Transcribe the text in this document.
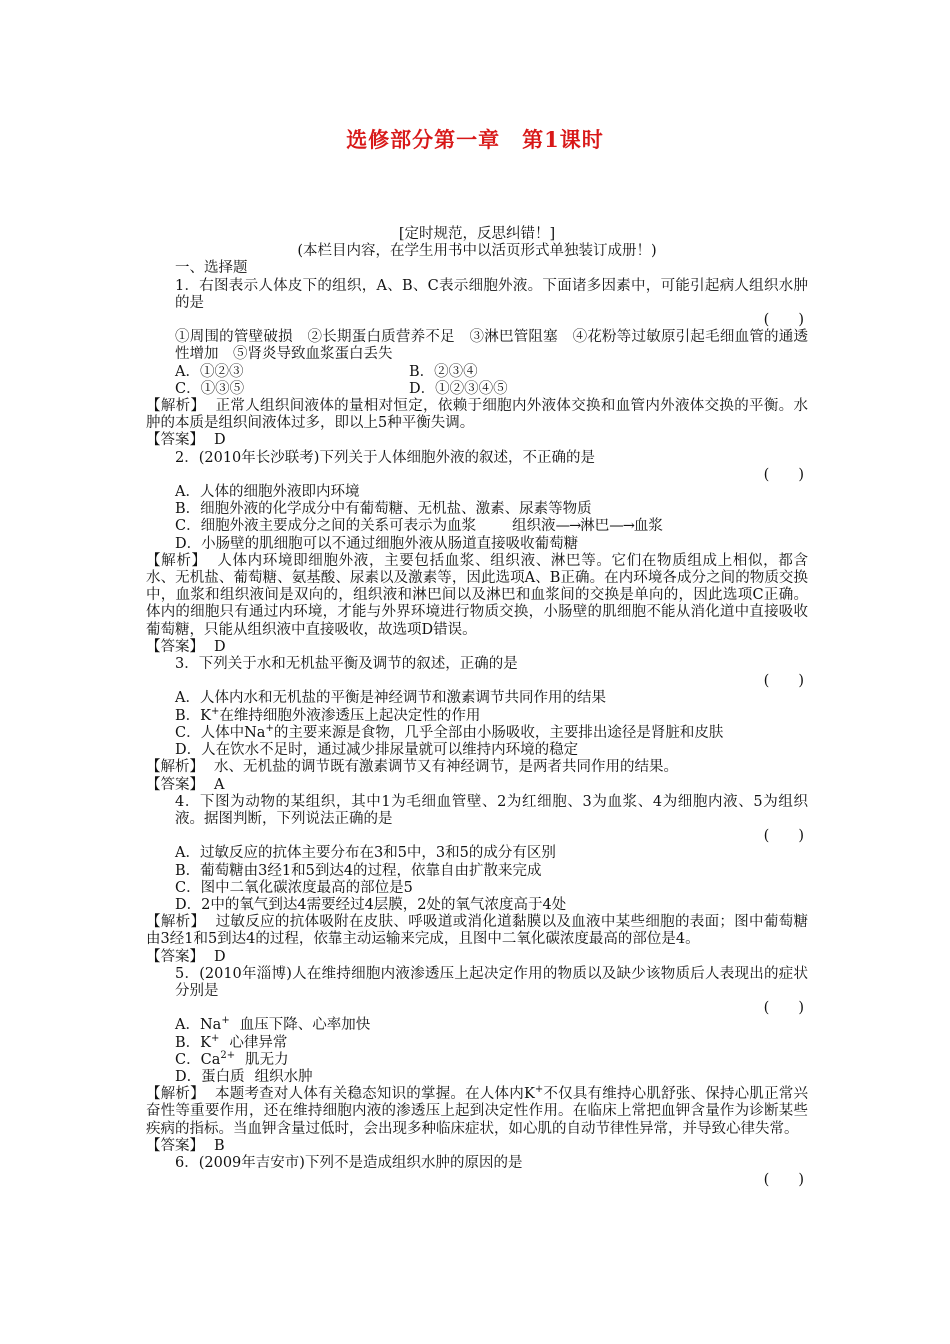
选修部分第一章　第1课时
[定时规范，反思纠错！]
(本栏目内容，在学生用书中以活页形式单独装订成册！)
一、选择题
1．右图表示人体皮下的组织，A、B、C表示细胞外液。下面诸多因素中，可能引起病人组织水肿的是
(　　)
①周围的管壁破损　②长期蛋白质营养不足　③淋巴管阻塞　④花粉等过敏原引起毛细血管的通透性增加　⑤肾炎导致血浆蛋白丢失
A．①②③	B．②③④
C．①③⑤	D．①②③④⑤
【解析】 正常人组织间液体的量相对恒定，依赖于细胞内外液体交换和血管内外液体交换的平衡。水肿的本质是组织间液体过多，即以上5种平衡失调。
【答案】 D
2．(2010年长沙联考)下列关于人体细胞外液的叙述，不正确的是
(　　)
A．人体的细胞外液即内环境
B．细胞外液的化学成分中有葡萄糖、无机盐、激素、尿素等物质
C．细胞外液主要成分之间的关系可表示为血浆 组织液—→淋巴—→血浆
D．小肠壁的肌细胞可以不通过细胞外液从肠道直接吸收葡萄糖
【解析】 人体内环境即细胞外液，主要包括血浆、组织液、淋巴等。它们在物质组成上相似，都含水、无机盐、葡萄糖、氨基酸、尿素以及激素等，因此选项A、B正确。在内环境各成分之间的物质交换中，血浆和组织液间是双向的，组织液和淋巴间以及淋巴和血浆间的交换是单向的，因此选项C正确。体内的细胞只有通过内环境，才能与外界环境进行物质交换，小肠壁的肌细胞不能从消化道中直接吸收葡萄糖，只能从组织液中直接吸收，故选项D错误。
【答案】 D
3．下列关于水和无机盐平衡及调节的叙述，正确的是
(　　)
A．人体内水和无机盐的平衡是神经调节和激素调节共同作用的结果
B．K+在维持细胞外液渗透压上起决定性的作用
C．人体中Na+的主要来源是食物，几乎全部由小肠吸收，主要排出途径是肾脏和皮肤
D．人在饮水不足时，通过减少排尿量就可以维持内环境的稳定
【解析】 水、无机盐的调节既有激素调节又有神经调节，是两者共同作用的结果。
【答案】 A
4．下图为动物的某组织，其中1为毛细血管壁、2为红细胞、3为血浆、4为细胞内液、5为组织液。据图判断，下列说法正确的是
(　　)
A．过敏反应的抗体主要分布在3和5中，3和5的成分有区别
B．葡萄糖由3经1和5到达4的过程，依靠自由扩散来完成
C．图中二氧化碳浓度最高的部位是5
D．2中的氧气到达4需要经过4层膜，2处的氧气浓度高于4处
【解析】 过敏反应的抗体吸附在皮肤、呼吸道或消化道黏膜以及血液中某些细胞的表面；图中葡萄糖由3经1和5到达4的过程，依靠主动运输来完成，且图中二氧化碳浓度最高的部位是4。
【答案】 D
5．(2010年淄博)人在维持细胞内液渗透压上起决定作用的物质以及缺少该物质后人表现出的症状分别是
(　　)
A．Na+ 血压下降、心率加快
B．K+ 心律异常
C．$Ca^{2+}$ 肌无力
D．蛋白质 组织水肿
【解析】 本题考查对人体有关稳态知识的掌握。在人体内K+不仅具有维持心肌舒张、保持心肌正常兴奋性等重要作用，还在维持细胞内液的渗透压上起到决定性作用。在临床上常把血钾含量作为诊断某些疾病的指标。当血钾含量过低时，会出现多种临床症状，如心肌的自动节律性异常，并导致心律失常。
【答案】 B
6．(2009年吉安市)下列不是造成组织水肿的原因的是
(　　)
